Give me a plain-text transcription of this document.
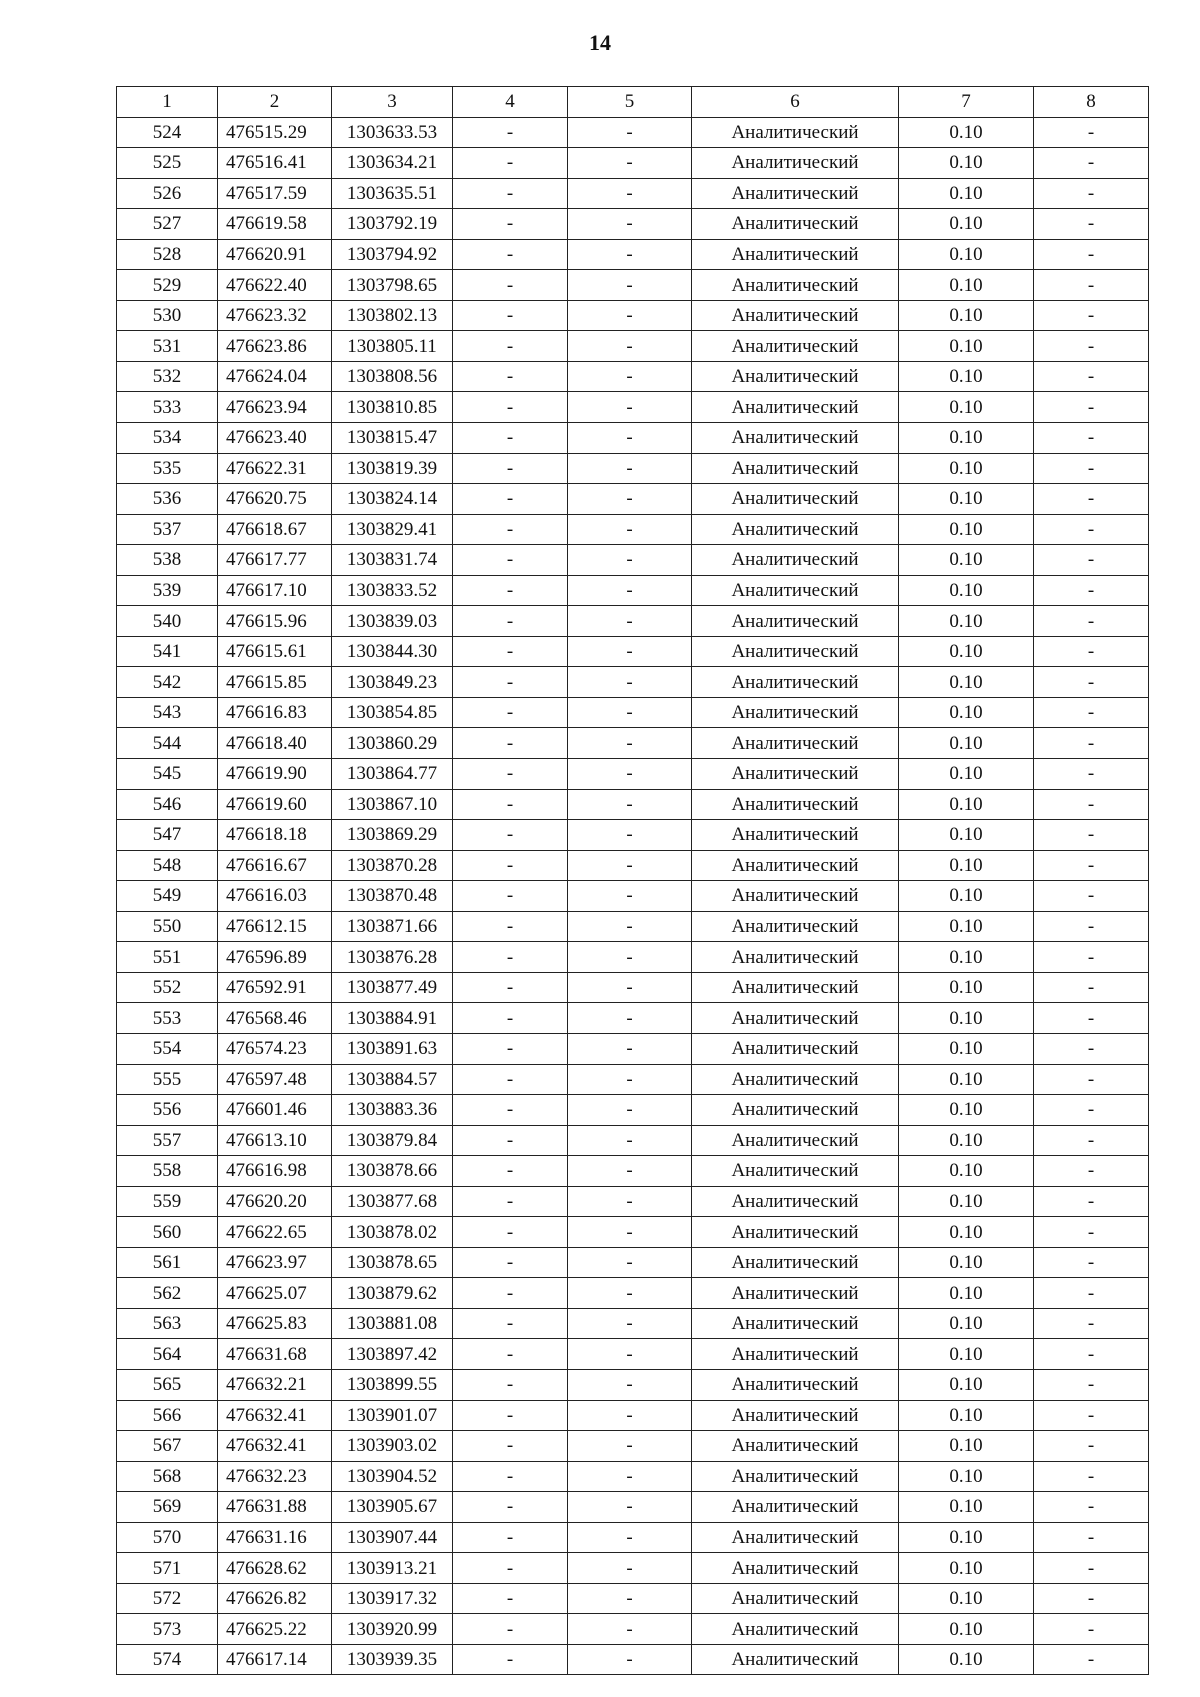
14
1	2	3	4	5	6	7	8
524	476515.29	1303633.53	-	-	Аналитический	0.10	-
525	476516.41	1303634.21	-	-	Аналитический	0.10	-
526	476517.59	1303635.51	-	-	Аналитический	0.10	-
527	476619.58	1303792.19	-	-	Аналитический	0.10	-
528	476620.91	1303794.92	-	-	Аналитический	0.10	-
529	476622.40	1303798.65	-	-	Аналитический	0.10	-
530	476623.32	1303802.13	-	-	Аналитический	0.10	-
531	476623.86	1303805.11	-	-	Аналитический	0.10	-
532	476624.04	1303808.56	-	-	Аналитический	0.10	-
533	476623.94	1303810.85	-	-	Аналитический	0.10	-
534	476623.40	1303815.47	-	-	Аналитический	0.10	-
535	476622.31	1303819.39	-	-	Аналитический	0.10	-
536	476620.75	1303824.14	-	-	Аналитический	0.10	-
537	476618.67	1303829.41	-	-	Аналитический	0.10	-
538	476617.77	1303831.74	-	-	Аналитический	0.10	-
539	476617.10	1303833.52	-	-	Аналитический	0.10	-
540	476615.96	1303839.03	-	-	Аналитический	0.10	-
541	476615.61	1303844.30	-	-	Аналитический	0.10	-
542	476615.85	1303849.23	-	-	Аналитический	0.10	-
543	476616.83	1303854.85	-	-	Аналитический	0.10	-
544	476618.40	1303860.29	-	-	Аналитический	0.10	-
545	476619.90	1303864.77	-	-	Аналитический	0.10	-
546	476619.60	1303867.10	-	-	Аналитический	0.10	-
547	476618.18	1303869.29	-	-	Аналитический	0.10	-
548	476616.67	1303870.28	-	-	Аналитический	0.10	-
549	476616.03	1303870.48	-	-	Аналитический	0.10	-
550	476612.15	1303871.66	-	-	Аналитический	0.10	-
551	476596.89	1303876.28	-	-	Аналитический	0.10	-
552	476592.91	1303877.49	-	-	Аналитический	0.10	-
553	476568.46	1303884.91	-	-	Аналитический	0.10	-
554	476574.23	1303891.63	-	-	Аналитический	0.10	-
555	476597.48	1303884.57	-	-	Аналитический	0.10	-
556	476601.46	1303883.36	-	-	Аналитический	0.10	-
557	476613.10	1303879.84	-	-	Аналитический	0.10	-
558	476616.98	1303878.66	-	-	Аналитический	0.10	-
559	476620.20	1303877.68	-	-	Аналитический	0.10	-
560	476622.65	1303878.02	-	-	Аналитический	0.10	-
561	476623.97	1303878.65	-	-	Аналитический	0.10	-
562	476625.07	1303879.62	-	-	Аналитический	0.10	-
563	476625.83	1303881.08	-	-	Аналитический	0.10	-
564	476631.68	1303897.42	-	-	Аналитический	0.10	-
565	476632.21	1303899.55	-	-	Аналитический	0.10	-
566	476632.41	1303901.07	-	-	Аналитический	0.10	-
567	476632.41	1303903.02	-	-	Аналитический	0.10	-
568	476632.23	1303904.52	-	-	Аналитический	0.10	-
569	476631.88	1303905.67	-	-	Аналитический	0.10	-
570	476631.16	1303907.44	-	-	Аналитический	0.10	-
571	476628.62	1303913.21	-	-	Аналитический	0.10	-
572	476626.82	1303917.32	-	-	Аналитический	0.10	-
573	476625.22	1303920.99	-	-	Аналитический	0.10	-
574	476617.14	1303939.35	-	-	Аналитический	0.10	-
